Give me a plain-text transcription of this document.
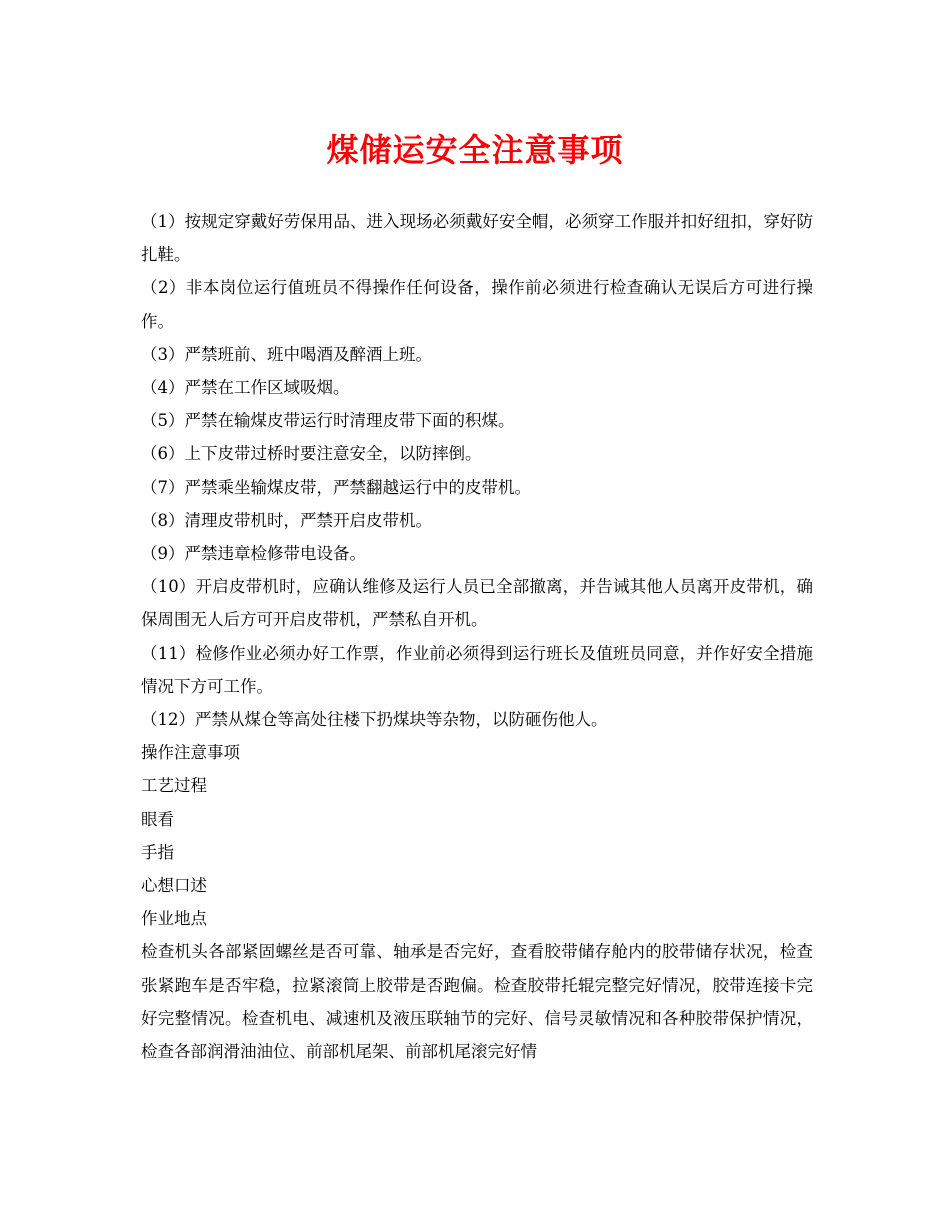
煤储运安全注意事项

（1）按规定穿戴好劳保用品、进入现场必须戴好安全帽，必须穿工作服并扣好纽扣，穿好防扎鞋。

（2）非本岗位运行值班员不得操作任何设备，操作前必须进行检查确认无误后方可进行操作。

（3）严禁班前、班中喝酒及醉酒上班。

（4）严禁在工作区域吸烟。

（5）严禁在输煤皮带运行时清理皮带下面的积煤。

（6）上下皮带过桥时要注意安全，以防摔倒。

（7）严禁乘坐输煤皮带，严禁翻越运行中的皮带机。

（8）清理皮带机时，严禁开启皮带机。

（9）严禁违章检修带电设备。

（10）开启皮带机时，应确认维修及运行人员已全部撤离，并告诫其他人员离开皮带机，确保周围无人后方可开启皮带机，严禁私自开机。

（11）检修作业必须办好工作票，作业前必须得到运行班长及值班员同意，并作好安全措施情况下方可工作。

（12）严禁从煤仓等高处往楼下扔煤块等杂物，以防砸伤他人。

操作注意事项

工艺过程

眼看

手指

心想口述

作业地点

检查机头各部紧固螺丝是否可靠、轴承是否完好，查看胶带储存舱内的胶带储存状况，检查张紧跑车是否牢稳，拉紧滚筒上胶带是否跑偏。检查胶带托辊完整完好情况，胶带连接卡完好完整情况。检查机电、减速机及液压联轴节的完好、信号灵敏情况和各种胶带保护情况，检查各部润滑油油位、前部机尾架、前部机尾滚完好情
